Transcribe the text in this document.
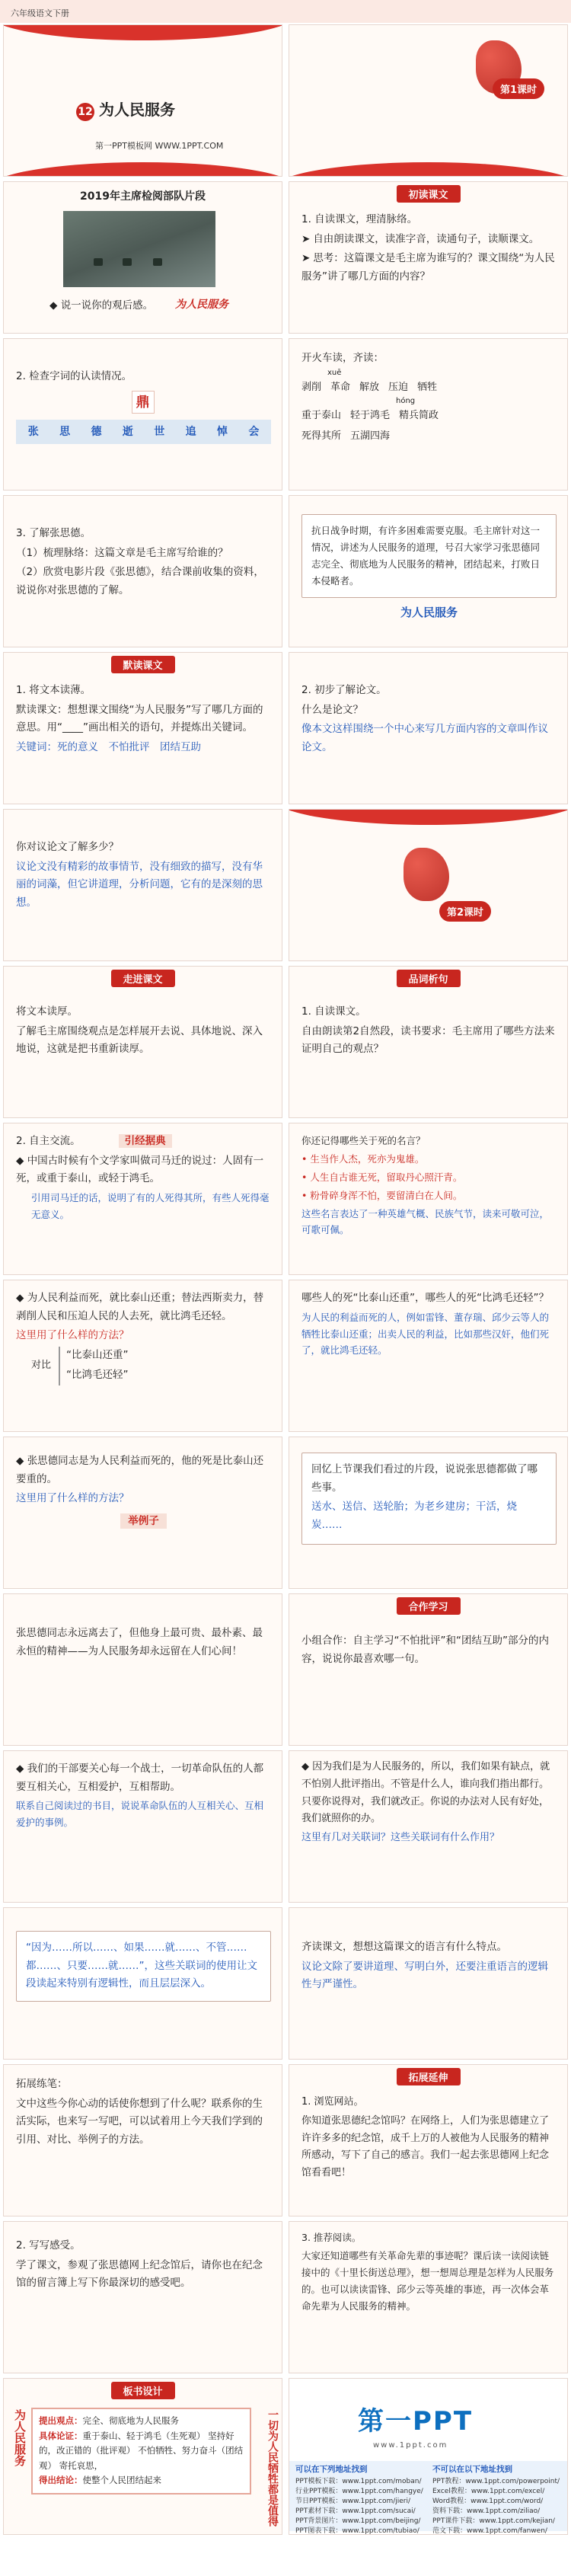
六年级语文下册
12 为人民服务
第一PPT模板网 WWW.1PPT.COM
第1课时
2019年主席检阅部队片段
◆ 说一说你的观后感。 为人民服务
初读课文

1. 自读课文，理清脉络。

➤ 自由朗读课文，读准字音，读通句子，读顺课文。

➤ 思考：这篇课文是毛主席为谁写的？课文围绕“为人民服务”讲了哪几方面的内容？

2. 检查字词的认读情况。

鼎
张	思	德	逝	世	追	悼	会

开火车读，齐读：

xuē
剥削 革命 解放 压迫 牺牲
hóng
重于泰山 轻于鸿毛 精兵简政
死得其所 五湖四海

3. 了解张思德。

（1）梳理脉络：这篇文章是毛主席写给谁的？

（2）欣赏电影片段《张思德》，结合课前收集的资料，说说你对张思德的了解。

抗日战争时期，有许多困难需要克服。毛主席针对这一情况，讲述为人民服务的道理，号召大家学习张思德同志完全、彻底地为人民服务的精神，团结起来，打败日本侵略者。

为人民服务

默读课文

1. 将文本读薄。

默读课文：想想课文围绕“为人民服务”写了哪几方面的意思。用“____”画出相关的语句，并提炼出关键词。

关键词：死的意义　不怕批评　团结互助

2. 初步了解论文。

什么是论文？

像本文这样围绕一个中心来写几方面内容的文章叫作议论文。

你对议论文了解多少？

议论文没有精彩的故事情节，没有细致的描写，没有华丽的词藻，但它讲道理，分析问题，它有的是深刻的思想。

第2课时
走进课文

将文本读厚。

了解毛主席围绕观点是怎样展开去说、具体地说、深入地说，这就是把书重新读厚。

品词析句

1. 自读课文。

自由朗读第2自然段，读书要求：毛主席用了哪些方法来证明自己的观点？

2. 自主交流。	引经据典

◆ 中国古时候有个文学家叫做司马迁的说过：人固有一死，或重于泰山，或轻于鸿毛。

引用司马迁的话，说明了有的人死得其所，有些人死得毫无意义。

你还记得哪些关于死的名言？

• 生当作人杰，死亦为鬼雄。

• 人生自古谁无死，留取丹心照汗青。

• 粉骨碎身浑不怕，要留清白在人间。

这些名言表达了一种英雄气概、民族气节，读来可敬可泣，可歌可佩。

◆ 为人民利益而死，就比泰山还重；替法西斯卖力，替剥削人民和压迫人民的人去死，就比鸿毛还轻。

这里用了什么样的方法？

对比

“比泰山还重”

“比鸿毛还轻”

哪些人的死“比泰山还重”，哪些人的死“比鸿毛还轻”？

为人民的利益而死的人，例如雷锋、董存瑞、邱少云等人的牺牲比泰山还重；出卖人民的利益，比如那些汉奸，他们死了，就比鸿毛还轻。

◆ 张思德同志是为人民利益而死的，他的死是比泰山还要重的。

这里用了什么样的方法？

举例子

回忆上节课我们看过的片段，说说张思德都做了哪些事。

送水、送信、送轮胎；为老乡建房；干活，烧炭……

张思德同志永远离去了，但他身上最可贵、最朴素、最永恒的精神——为人民服务却永远留在人们心间！

合作学习

小组合作：自主学习“不怕批评”和“团结互助”部分的内容，说说你最喜欢哪一句。

◆ 我们的干部要关心每一个战士，一切革命队伍的人都要互相关心，互相爱护，互相帮助。

联系自己阅读过的书目，说说革命队伍的人互相关心、互相爱护的事例。

◆ 因为我们是为人民服务的，所以，我们如果有缺点，就不怕别人批评指出。不管是什么人，谁向我们指出都行。只要你说得对，我们就改正。你说的办法对人民有好处，我们就照你的办。

这里有几对关联词？这些关联词有什么作用？

“因为……所以……、如果……就……、不管……都……、只要……就……”，这些关联词的使用让文段读起来特别有逻辑性，而且层层深入。

齐读课文，想想这篇课文的语言有什么特点。

议论文除了要讲道理、写明白外，还要注重语言的逻辑性与严谨性。

拓展练笔：

文中这些今你心动的话使你想到了什么呢？联系你的生活实际，也来写一写吧，可以试着用上今天我们学到的引用、对比、举例子的方法。

拓展延伸

1. 浏览网站。

你知道张思德纪念馆吗？在网络上，人们为张思德建立了许许多多的纪念馆，成千上万的人被他为人民服务的精神所感动，写下了自己的感言。我们一起去张思德网上纪念馆看看吧！

2. 写写感受。

学了课文，参观了张思德网上纪念馆后，请你也在纪念馆的留言簿上写下你最深切的感受吧。

3. 推荐阅读。

大家还知道哪些有关革命先辈的事迹呢？课后读一读阅读链接中的《十里长街送总理》，想一想周总理是怎样为人民服务的。也可以读读雷锋、邱少云等英雄的事迹，再一次体会革命先辈为人民服务的精神。

板书设计
为人民服务 提出观点：完全、彻底地为人民服务

具体论证：重于泰山、轻于鸿毛（生死观） 坚持好的，改正错的（批评观） 不怕牺牲、努力奋斗（团结观） 寄托哀思，

得出结论：使整个人民团结起来	一切为人民牺牲都是值得	第一PPT
www.1ppt.com
可以在下列地址找到
PPT模板下载：www.1ppt.com/moban/
行业PPT模板：www.1ppt.com/hangye/
节日PPT模板：www.1ppt.com/jieri/
PPT素材下载：www.1ppt.com/sucai/
PPT背景图片：www.1ppt.com/beijing/
PPT图表下载：www.1ppt.com/tubiao/
不可以在以下地址找到
PPT教程：www.1ppt.com/powerpoint/
Excel教程：www.1ppt.com/excel/
Word教程：www.1ppt.com/word/
资料下载：www.1ppt.com/ziliao/
PPT课件下载：www.1ppt.com/kejian/
范文下载：www.1ppt.com/fanwen/
